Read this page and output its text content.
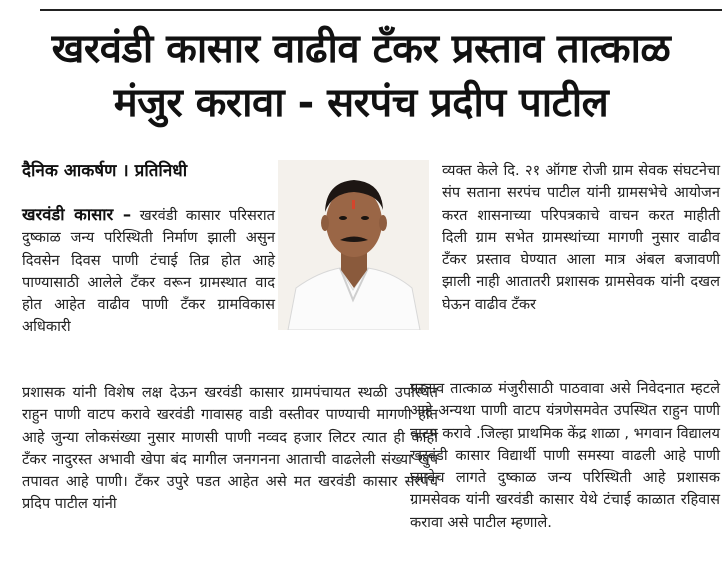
खरवंडी कासार वाढीव टँकर प्रस्ताव तात्काळ
मंजुर करावा - सरपंच प्रदीप पाटील
दैनिक आकर्षण । प्रतिनिधी
खरवंडी कासार – खरवंडी कासार परिसरात दुष्काळ जन्य परिस्थिती निर्माण झाली असुन दिवसेन दिवस पाणी टंचाई तिव्र होत आहे पाण्यासाठी आलेले टँकर वरून ग्रामस्थात वाद होत आहेत वाढीव पाणी टँकर ग्रामविकास अधिकारी
व्यक्त केले दि. २१ ऑगष्ट रोजी ग्राम सेवक संघटनेचा संप सताना सरपंच पाटील यांनी ग्रामसभेचे आयोजन करत शासनाच्या परिपत्रकाचे वाचन करत माहीती दिली ग्राम सभेत ग्रामस्थांच्या मागणी नुसार वाढीव टँकर प्रस्ताव घेण्यात आला मात्र अंबल बजावणी झाली नाही आतातरी प्रशासक ग्रामसेवक यांनी दखल घेऊन वाढीव टँकर
प्रशासक यांनी विशेष लक्ष देऊन खरवंडी कासार ग्रामपंचायत स्थळी उपस्थित राहुन पाणी वाटप करावे खरवंडी गावासह वाडी वस्तीवर पाण्याची मागणी होत आहे जुन्या लोकसंख्या नुसार माणसी पाणी नव्वद हजार लिटर त्यात ही काही टँकर नादुरस्त अभावी खेपा बंद मागील जनगनना आताची वाढलेली संख्या खुप तपावत आहे पाणी। टँकर उपुरे पडत आहेत असे मत खरवंडी कासार सरपंच प्रदिप पाटील यांनी
प्रस्ताव तात्काळ मंजुरीसाठी पाठवावा असे निवेदनात म्हटले आहे अन्यथा पाणी वाटप यंत्रणेसमवेत उपस्थित राहुन पाणी वाटप करावे .जिल्हा प्राथमिक केंद्र शाळा , भगवान विद्यालय खरवंडी कासार विद्यार्थी पाणी समस्या वाढली आहे पाणी घ्यावेच लागते दुष्काळ जन्य परिस्थिती आहे प्रशासक ग्रामसेवक यांनी खरवंडी कासार येथे टंचाई काळात रहिवास करावा असे पाटील म्हणाले.
